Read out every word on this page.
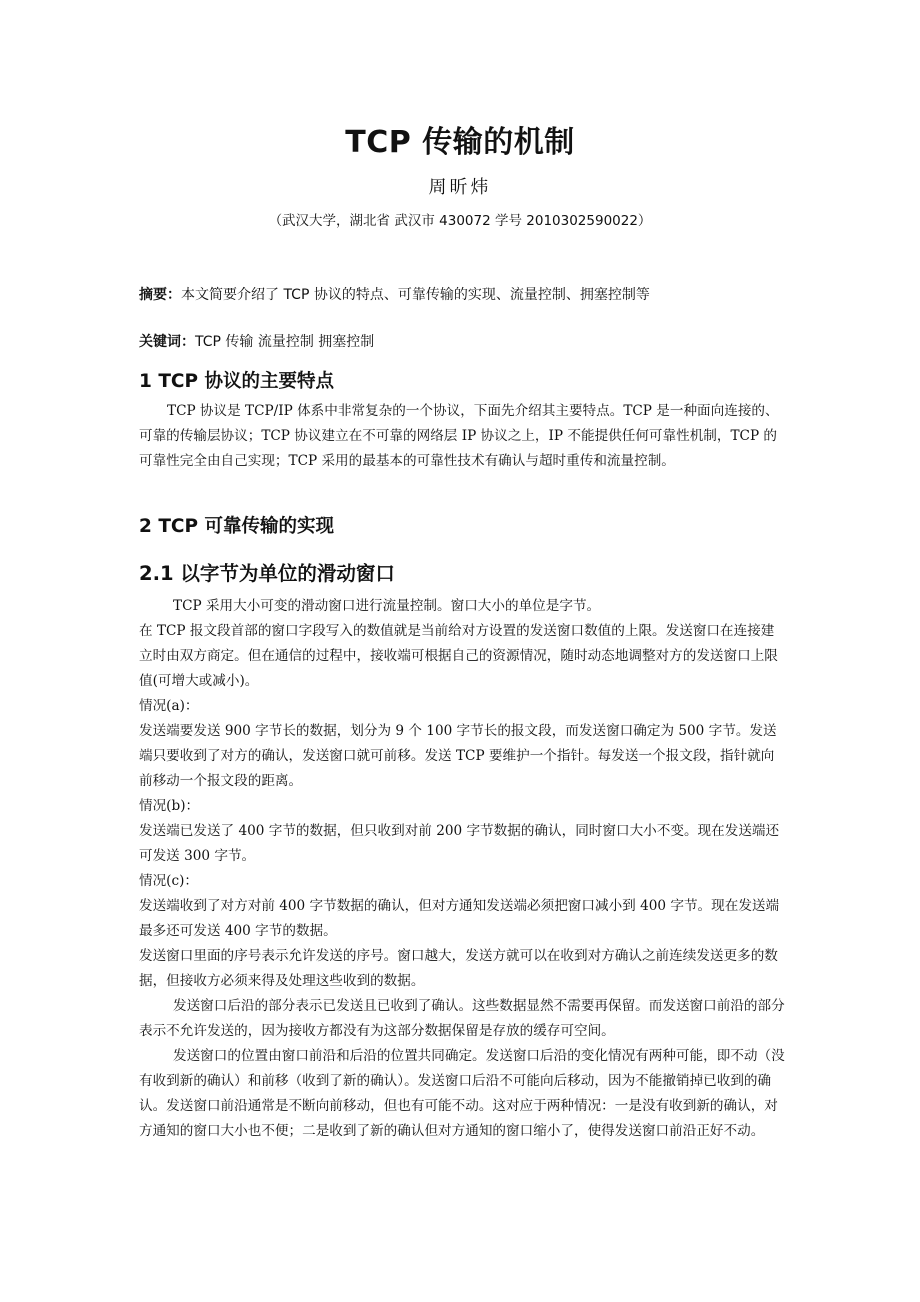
TCP 传输的机制
周昕炜
（武汉大学，湖北省 武汉市 430072 学号 2010302590022）
摘要：本文简要介绍了 TCP 协议的特点、可靠传输的实现、流量控制、拥塞控制等
关键词：TCP 传输 流量控制 拥塞控制
1 TCP 协议的主要特点

TCP 协议是 TCP/IP 体系中非常复杂的一个协议，下面先介绍其主要特点。TCP 是一种面向连接的、可靠的传输层协议；TCP 协议建立在不可靠的网络层 IP 协议之上，IP 不能提供任何可靠性机制，TCP 的可靠性完全由自己实现；TCP 采用的最基本的可靠性技术有确认与超时重传和流量控制。

2 TCP 可靠传输的实现
2.1 以字节为单位的滑动窗口

TCP 采用大小可变的滑动窗口进行流量控制。窗口大小的单位是字节。

在 TCP 报文段首部的窗口字段写入的数值就是当前给对方设置的发送窗口数值的上限。发送窗口在连接建立时由双方商定。但在通信的过程中，接收端可根据自己的资源情况，随时动态地调整对方的发送窗口上限值(可增大或减小)。

情况(a)：

发送端要发送 900 字节长的数据，划分为 9 个 100 字节长的报文段，而发送窗口确定为 500 字节。发送端只要收到了对方的确认，发送窗口就可前移。发送 TCP 要维护一个指针。每发送一个报文段，指针就向前移动一个报文段的距离。

情况(b)：

发送端已发送了 400 字节的数据，但只收到对前 200 字节数据的确认，同时窗口大小不变。现在发送端还可发送 300 字节。

情况(c)：

发送端收到了对方对前 400 字节数据的确认，但对方通知发送端必须把窗口减小到 400 字节。现在发送端最多还可发送 400 字节的数据。

发送窗口里面的序号表示允许发送的序号。窗口越大，发送方就可以在收到对方确认之前连续发送更多的数据，但接收方必须来得及处理这些收到的数据。

发送窗口后沿的部分表示已发送且已收到了确认。这些数据显然不需要再保留。而发送窗口前沿的部分表示不允许发送的，因为接收方都没有为这部分数据保留是存放的缓存可空间。

发送窗口的位置由窗口前沿和后沿的位置共同确定。发送窗口后沿的变化情况有两种可能，即不动（没有收到新的确认）和前移（收到了新的确认）。发送窗口后沿不可能向后移动，因为不能撤销掉已收到的确认。发送窗口前沿通常是不断向前移动，但也有可能不动。这对应于两种情况：一是没有收到新的确认，对方通知的窗口大小也不便；二是收到了新的确认但对方通知的窗口缩小了，使得发送窗口前沿正好不动。
